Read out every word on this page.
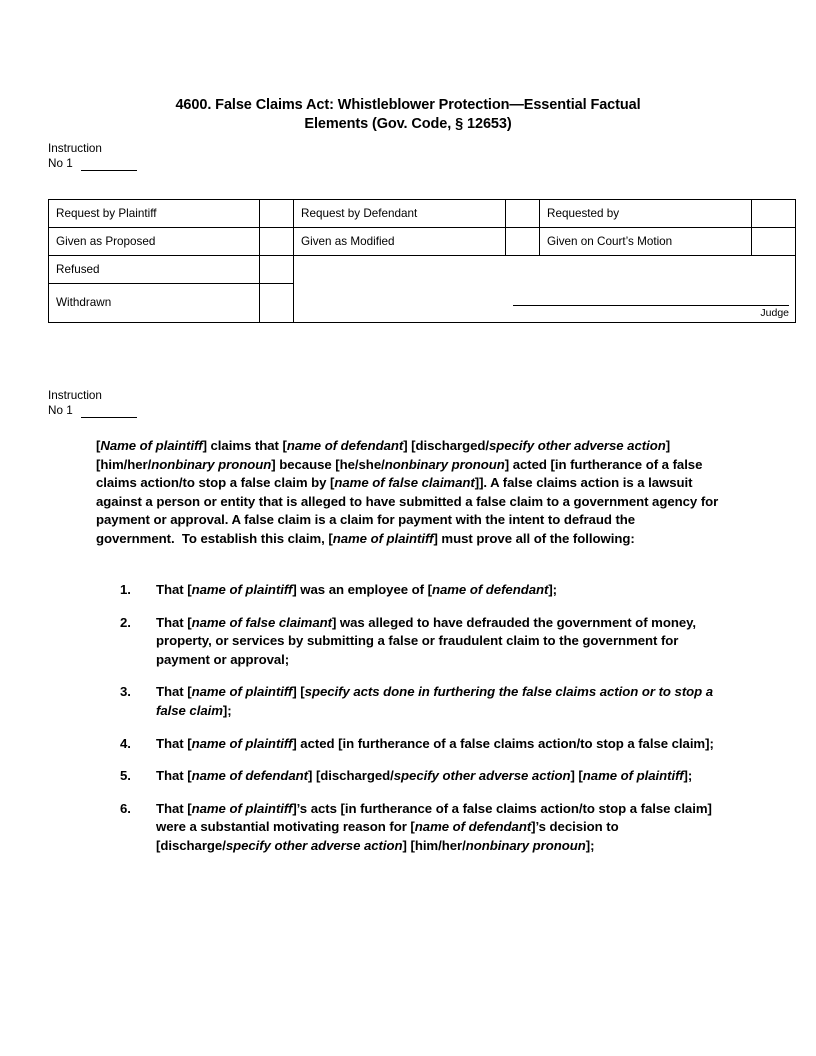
4600. False Claims Act: Whistleblower Protection—Essential Factual
Elements (Gov. Code, § 12653)
Instruction
No 1
Request by Plaintiff		Request by Defendant		Requested by	
Given as Proposed		Given as Modified		Given on Court’s Motion	
Refused		Judge			

Withdrawn					
Instruction
No 1
[Name of plaintiff] claims that [name of defendant] [discharged/specify other adverse action] [him/her/nonbinary pronoun] because [he/she/nonbinary pronoun] acted [in furtherance of a false claims action/to stop a false claim by [name of false claimant]]. A false claims action is a lawsuit against a person or entity that is alleged to have submitted a false claim to a government agency for payment or approval. A false claim is a claim for payment with the intent to defraud the government.  To establish this claim, [name of plaintiff] must prove all of the following:
1.	That [name of plaintiff] was an employee of [name of defendant];
2.	That [name of false claimant] was alleged to have defrauded the government of money, property, or services by submitting a false or fraudulent claim to the government for payment or approval;
3.	That [name of plaintiff] [specify acts done in furthering the false claims action or to stop a false claim];
4.	That [name of plaintiff] acted [in furtherance of a false claims action/to stop a false claim];
5.	That [name of defendant] [discharged/specify other adverse action] [name of plaintiff];
6.	That [name of plaintiff]’s acts [in furtherance of a false claims action/to stop a false claim] were a substantial motivating reason for [name of defendant]’s decision to [discharge/specify other adverse action] [him/her/nonbinary pronoun];
